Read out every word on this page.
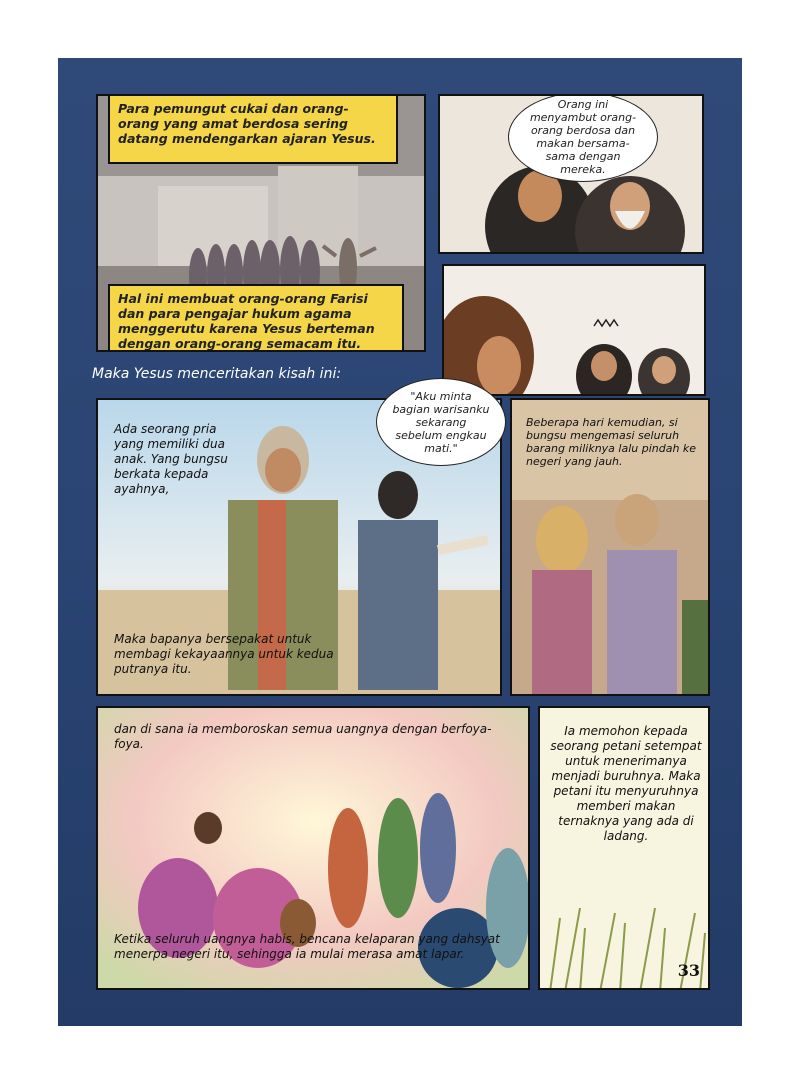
Para pemungut cukai dan orang-orang yang amat berdosa sering datang mendengarkan ajaran Yesus.
Hal ini membuat orang-orang Farisi dan para pengajar hukum agama menggerutu karena Yesus berteman dengan orang-orang semacam itu.
Orang ini menyambut orang-orang berdosa dan makan bersama-sama dengan mereka.
Maka Yesus menceritakan kisah ini:
Ada seorang pria yang memiliki dua anak. Yang bungsu berkata kepada ayahnya,
Maka bapanya bersepakat untuk membagi kekayaannya untuk kedua putranya itu.
"Aku minta bagian warisanku sekarang sebelum engkau mati."
Beberapa hari kemudian, si bungsu mengemasi seluruh barang miliknya lalu pindah ke negeri yang jauh.
dan di sana ia memboroskan semua uangnya dengan berfoya-foya.
Ketika seluruh uangnya habis, bencana kelaparan yang dahsyat menerpa negeri itu, sehingga ia mulai merasa amat lapar.
Ia memohon kepada seorang petani setempat untuk menerimanya menjadi buruhnya. Maka petani itu menyuruhnya memberi makan ternaknya yang ada di ladang.
33
